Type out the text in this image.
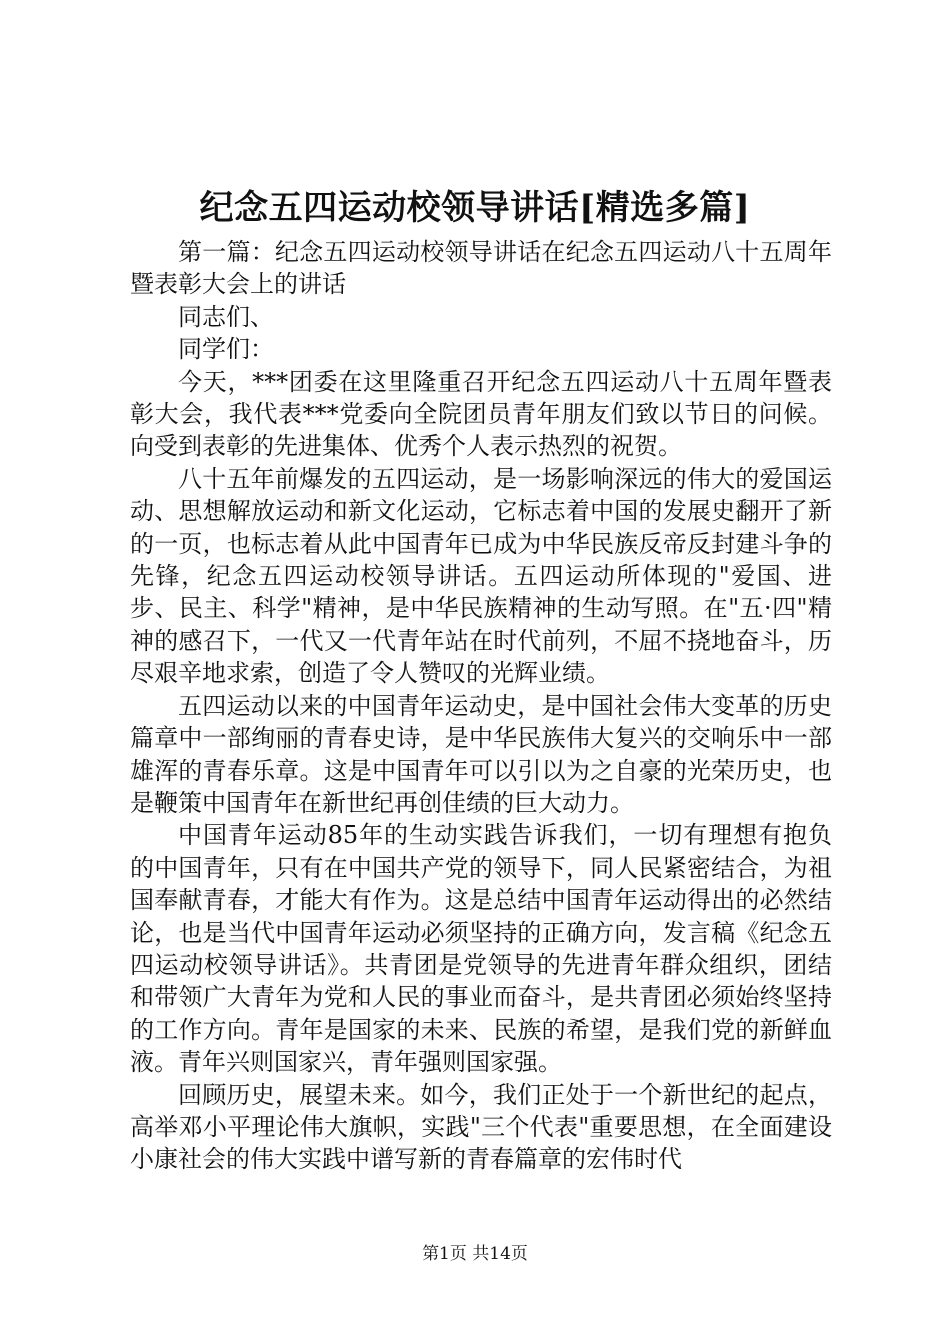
纪念五四运动校领导讲话[精选多篇]

第一篇：纪念五四运动校领导讲话在纪念五四运动八十五周年暨表彰大会上的讲话

同志们、

同学们：

今天，***团委在这里隆重召开纪念五四运动八十五周年暨表彰大会，我代表***党委向全院团员青年朋友们致以节日的问候。向受到表彰的先进集体、优秀个人表示热烈的祝贺。

八十五年前爆发的五四运动，是一场影响深远的伟大的爱国运动、思想解放运动和新文化运动，它标志着中国的发展史翻开了新的一页，也标志着从此中国青年已成为中华民族反帝反封建斗争的先锋，纪念五四运动校领导讲话。五四运动所体现的"爱国、进步、民主、科学"精神，是中华民族精神的生动写照。在"五·四"精神的感召下，一代又一代青年站在时代前列，不屈不挠地奋斗，历尽艰辛地求索，创造了令人赞叹的光辉业绩。

五四运动以来的中国青年运动史，是中国社会伟大变革的历史篇章中一部绚丽的青春史诗，是中华民族伟大复兴的交响乐中一部雄浑的青春乐章。这是中国青年可以引以为之自豪的光荣历史，也是鞭策中国青年在新世纪再创佳绩的巨大动力。

中国青年运动85年的生动实践告诉我们，一切有理想有抱负的中国青年，只有在中国共产党的领导下，同人民紧密结合，为祖国奉献青春，才能大有作为。这是总结中国青年运动得出的必然结论，也是当代中国青年运动必须坚持的正确方向，发言稿《纪念五四运动校领导讲话》。共青团是党领导的先进青年群众组织，团结和带领广大青年为党和人民的事业而奋斗，是共青团必须始终坚持的工作方向。青年是国家的未来、民族的希望，是我们党的新鲜血液。青年兴则国家兴，青年强则国家强。

回顾历史，展望未来。如今，我们正处于一个新世纪的起点，高举邓小平理论伟大旗帜，实践"三个代表"重要思想，在全面建设小康社会的伟大实践中谱写新的青春篇章的宏伟时代

第1页 共14页
